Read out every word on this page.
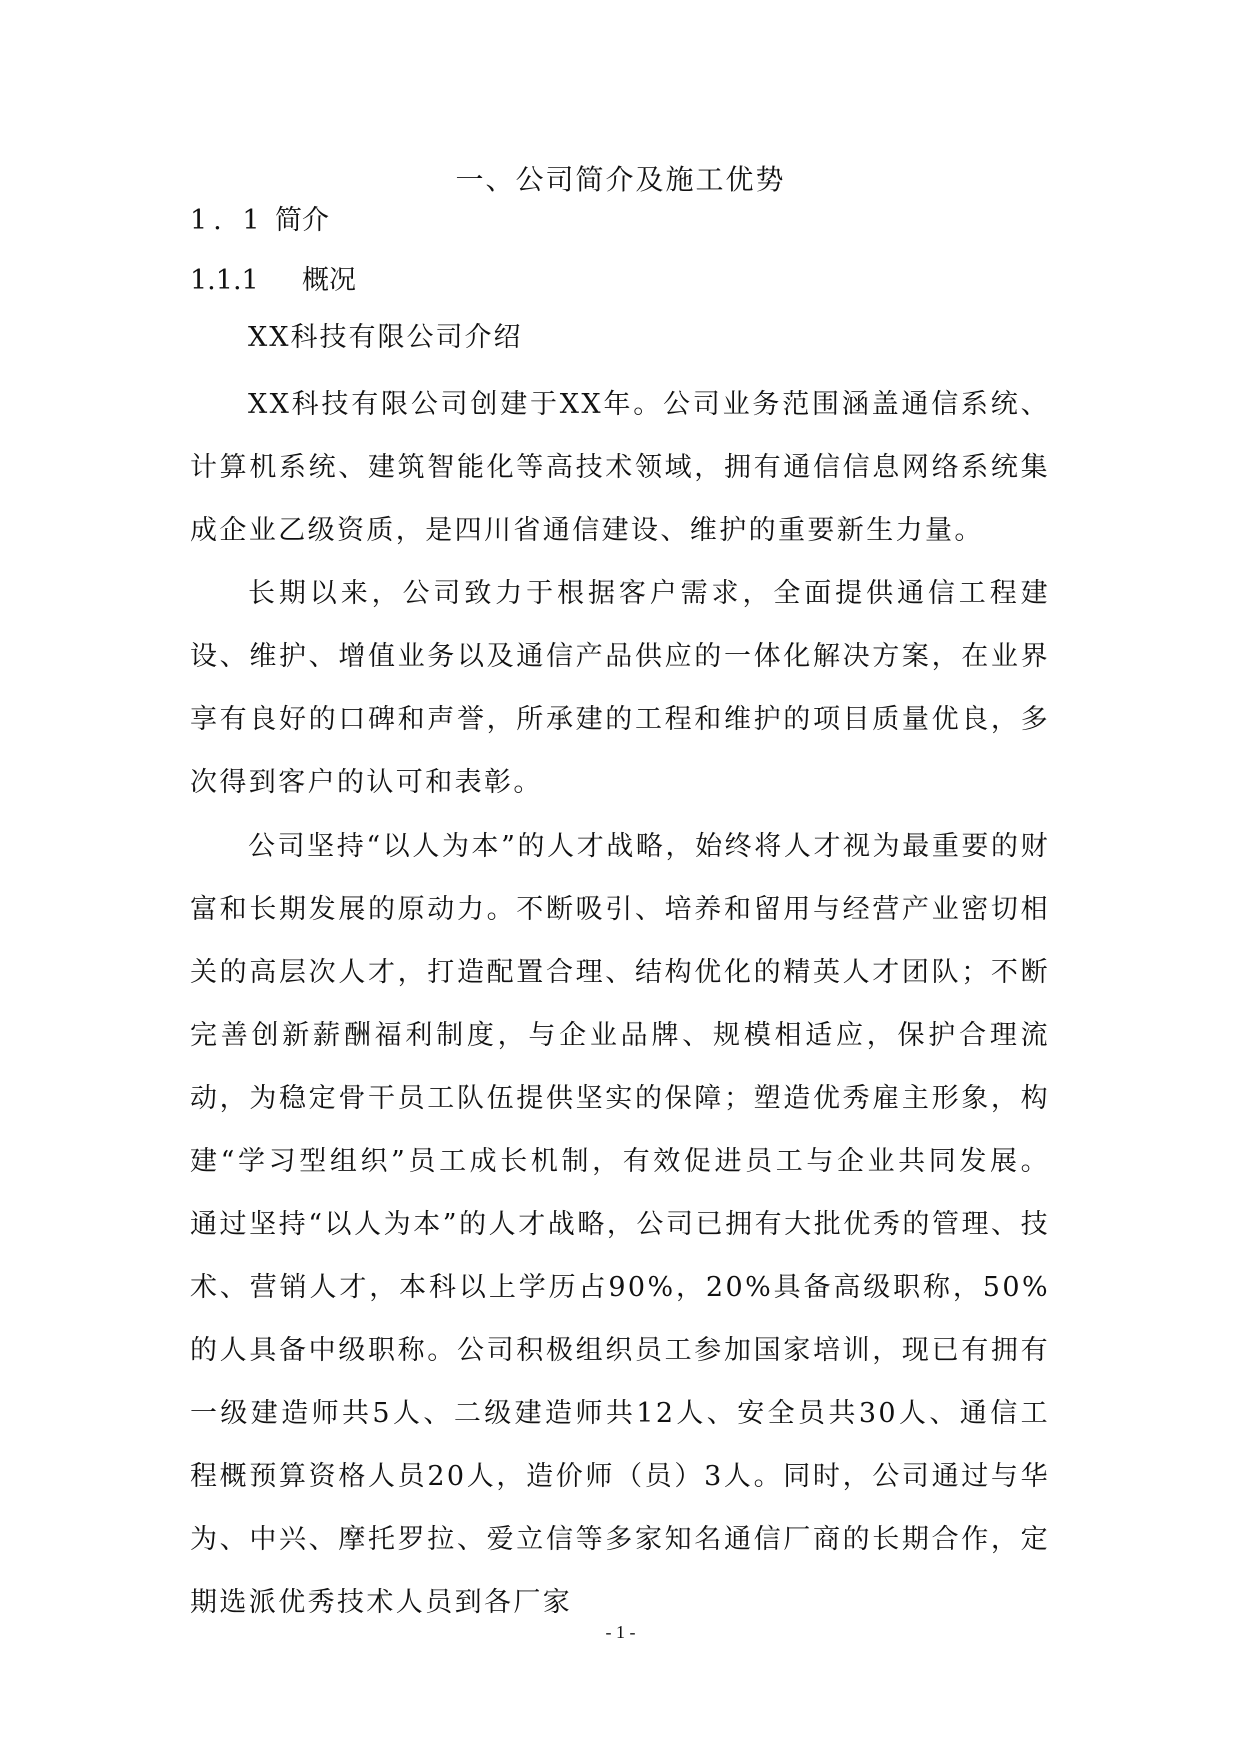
一、公司简介及施工优势
1. 1 简介
1.1.1 概况
XX科技有限公司介绍

XX科技有限公司创建于XX年。公司业务范围涵盖通信系统、计算机系统、建筑智能化等高技术领域，拥有通信信息网络系统集成企业乙级资质，是四川省通信建设、维护的重要新生力量。

长期以来，公司致力于根据客户需求，全面提供通信工程建设、维护、增值业务以及通信产品供应的一体化解决方案，在业界享有良好的口碑和声誉，所承建的工程和维护的项目质量优良，多次得到客户的认可和表彰。

公司坚持“以人为本”的人才战略，始终将人才视为最重要的财富和长期发展的原动力。不断吸引、培养和留用与经营产业密切相关的高层次人才，打造配置合理、结构优化的精英人才团队；不断完善创新薪酬福利制度，与企业品牌、规模相适应，保护合理流动，为稳定骨干员工队伍提供坚实的保障；塑造优秀雇主形象，构建“学习型组织”员工成长机制，有效促进员工与企业共同发展。 通过坚持“以人为本”的人才战略，公司已拥有大批优秀的管理、技术、营销人才，本科以上学历占90%，20%具备高级职称，50%的人具备中级职称。公司积极组织员工参加国家培训，现已有拥有一级建造师共5人、二级建造师共12人、安全员共30人、通信工程概预算资格人员20人，造价师（员）3人。同时，公司通过与华为、中兴、摩托罗拉、爱立信等多家知名通信厂商的长期合作，定期选派优秀技术人员到各厂家

- 1 -
